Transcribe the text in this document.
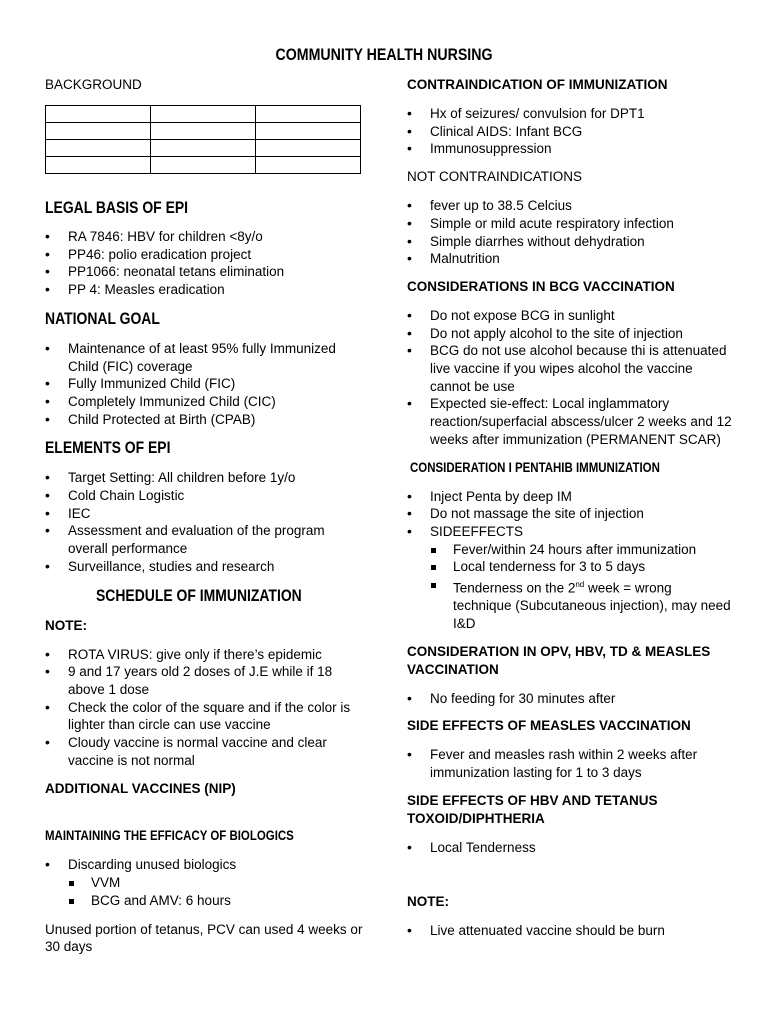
COMMUNITY HEALTH NURSING

BACKGROUND

LEGAL BASIS OF EPI

• RA 7846: HBV for children <8y/o
• PP46: polio eradication project
• PP1066: neonatal tetans elimination
• PP 4: Measles eradication

NATIONAL GOAL

• Maintenance of at least 95% fully Immunized Child (FIC) coverage
• Fully Immunized Child (FIC)
• Completely Immunized Child (CIC)
• Child Protected at Birth (CPAB)

ELEMENTS OF EPI

• Target Setting: All children before 1y/o
• Cold Chain Logistic
• IEC
• Assessment and evaluation of the program overall performance
• Surveillance, studies and research

SCHEDULE OF IMMUNIZATION

NOTE:

• ROTA VIRUS: give only if there’s epidemic
• 9 and 17 years old 2 doses of J.E while if 18 above 1 dose
• Check the color of the square and if the color is lighter than circle can use vaccine
• Cloudy vaccine is normal vaccine and clear vaccine is not normal

ADDITIONAL VACCINES (NIP)

MAINTAINING THE EFFICACY OF BIOLOGICS

• Discarding unused biologics
VVM
BCG and AMV: 6 hours

Unused portion of tetanus, PCV can used 4 weeks or 30 days

CONTRAINDICATION OF IMMUNIZATION

• Hx of seizures/ convulsion for DPT1
• Clinical AIDS: Infant BCG
• Immunosuppression

NOT CONTRAINDICATIONS

• fever up to 38.5 Celcius
• Simple or mild acute respiratory infection
• Simple diarrhes without dehydration
• Malnutrition

CONSIDERATIONS IN BCG VACCINATION

• Do not expose BCG in sunlight
• Do not apply alcohol to the site of injection
• BCG do not use alcohol because thi is attenuated live vaccine if you wipes alcohol the vaccine cannot be use
• Expected sie-effect: Local inglammatory reaction/superfacial abscess/ulcer 2 weeks and 12 weeks after immunization (PERMANENT SCAR)

CONSIDERATION I PENTAHIB IMMUNIZATION

• Inject Penta by deep IM
• Do not massage the site of injection
• SIDEEFFECTS
Fever/within 24 hours after immunization
Local tenderness for 3 to 5 days
Tenderness on the 2nd week = wrong technique (Subcutaneous injection), may need I&D

CONSIDERATION IN OPV, HBV, TD & MEASLES VACCINATION

• No feeding for 30 minutes after

SIDE EFFECTS OF MEASLES VACCINATION

• Fever and measles rash within 2 weeks after immunization lasting for 1 to 3 days

SIDE EFFECTS OF HBV AND TETANUS TOXOID/DIPHTHERIA

• Local Tenderness

NOTE:

• Live attenuated vaccine should be burn
